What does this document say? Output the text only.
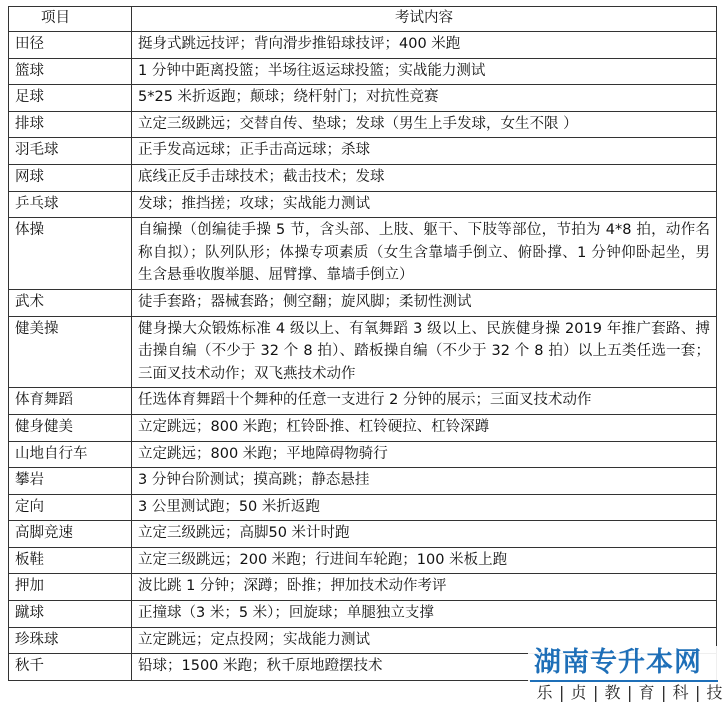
项目	考试内容
田径	挺身式跳远技评；背向滑步推铅球技评；400 米跑
篮球	1 分钟中距离投篮；半场往返运球投篮；实战能力测试
足球	5*25 米折返跑；颠球；绕杆射门；对抗性竞赛
排球	立定三级跳远；交替自传、垫球；发球（男生上手发球，女生不限 ）
羽毛球	正手发高远球；正手击高远球；杀球
网球	底线正反手击球技术；截击技术；发球
乒乓球	发球；推挡搓；攻球；实战能力测试
体操	自编操（创编徒手操 5 节，含头部、上肢、躯干、下肢等部位，节拍为 4*8 拍，动作名称自拟）；队列队形；体操专项素质（女生含靠墙手倒立、俯卧撑、1 分钟仰卧起坐，男生含悬垂收腹举腿、屈臂撑、靠墙手倒立）
武术	徒手套路；器械套路；侧空翻；旋风脚；柔韧性测试
健美操	健身操大众锻炼标准 4 级以上、有氧舞蹈 3 级以上、民族健身操 2019 年推广套路、搏击操自编（不少于 32 个 8 拍）、踏板操自编（不少于 32 个 8 拍）以上五类任选一套；三面叉技术动作；双飞燕技术动作
体育舞蹈	任选体育舞蹈十个舞种的任意一支进行 2 分钟的展示；三面叉技术动作
健身健美	立定跳远；800 米跑；杠铃卧推、杠铃硬拉、杠铃深蹲
山地自行车	立定跳远；800 米跑；平地障碍物骑行
攀岩	3 分钟台阶测试；摸高跳；静态悬挂
定向	3 公里测试跑；50 米折返跑
高脚竞速	立定三级跳远；高脚50 米计时跑
板鞋	立定三级跳远；200 米跑；行进间车轮跑；100 米板上跑
押加	波比跳 1 分钟；深蹲；卧推；押加技术动作考评
蹴球	正撞球（3 米；5 米）；回旋球；单腿独立支撑
珍珠球	立定跳远；定点投网；实战能力测试
秋千	铅球；1500 米跑；秋千原地蹬摆技术	湖南专升本网
乐 | 贞 | 教 | 育 | 科 | 技
